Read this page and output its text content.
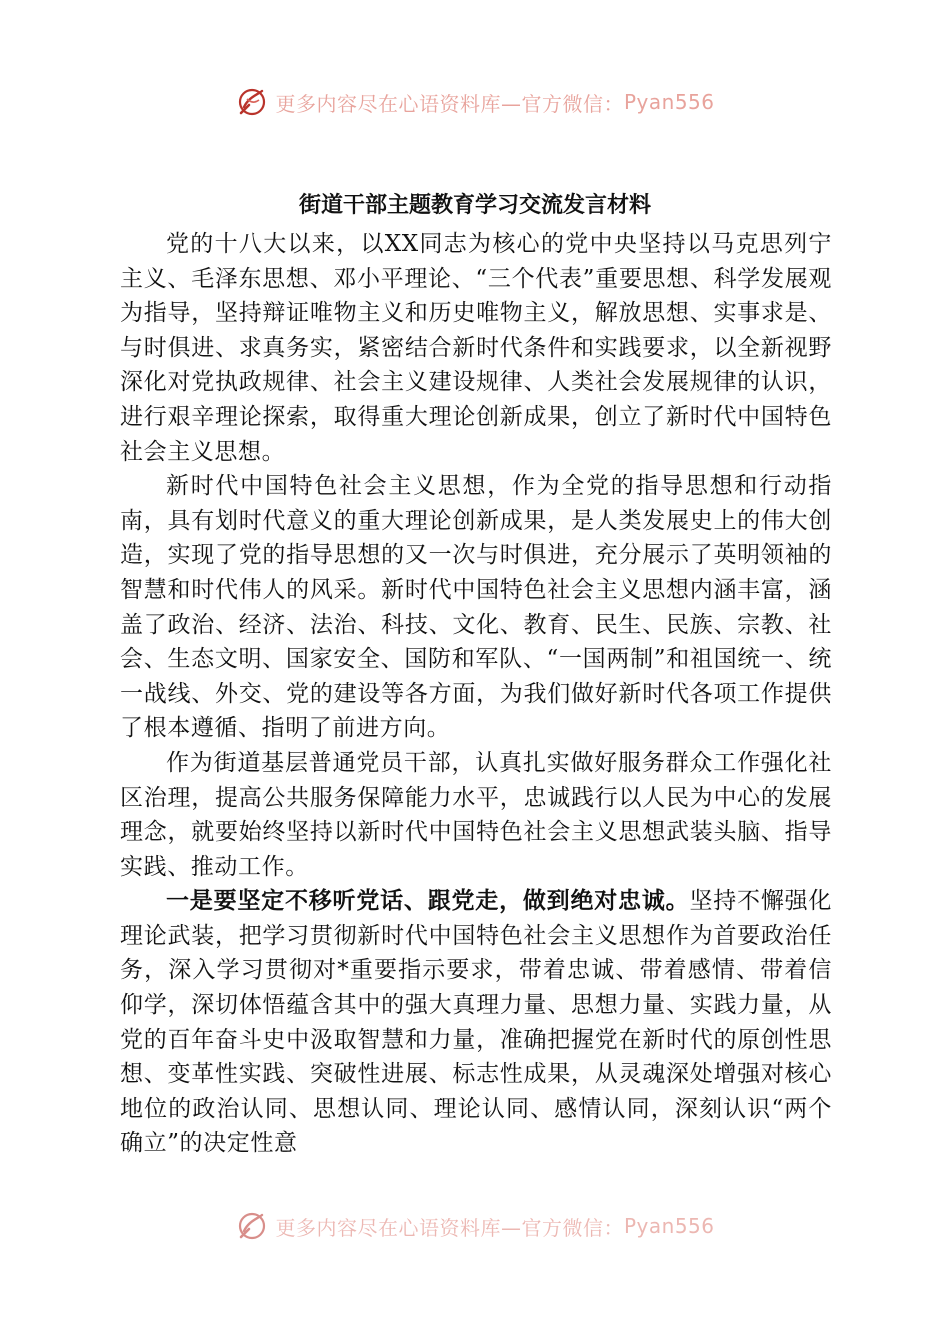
更多内容尽在心语资料库—官方微信： Pyan556
街道干部主题教育学习交流发言材料

党的十八大以来，以XX同志为核心的党中央坚持以马克思列宁主义、毛泽东思想、邓小平理论、“三个代表”重要思想、科学发展观为指导，坚持辩证唯物主义和历史唯物主义，解放思想、实事求是、与时俱进、求真务实，紧密结合新时代条件和实践要求，以全新视野深化对党执政规律、社会主义建设规律、人类社会发展规律的认识，进行艰辛理论探索，取得重大理论创新成果，创立了新时代中国特色社会主义思想。

新时代中国特色社会主义思想，作为全党的指导思想和行动指南，具有划时代意义的重大理论创新成果，是人类发展史上的伟大创造，实现了党的指导思想的又一次与时俱进，充分展示了英明领袖的智慧和时代伟人的风采。新时代中国特色社会主义思想内涵丰富，涵盖了政治、经济、法治、科技、文化、教育、民生、民族、宗教、社会、生态文明、国家安全、国防和军队、“一国两制”和祖国统一、统一战线、外交、党的建设等各方面，为我们做好新时代各项工作提供了根本遵循、指明了前进方向。

作为街道基层普通党员干部，认真扎实做好服务群众工作强化社区治理，提高公共服务保障能力水平，忠诚践行以人民为中心的发展理念，就要始终坚持以新时代中国特色社会主义思想武装头脑、指导实践、推动工作。

一是要坚定不移听党话、跟党走，做到绝对忠诚。坚持不懈强化理论武装，把学习贯彻新时代中国特色社会主义思想作为首要政治任务，深入学习贯彻对*重要指示要求，带着忠诚、带着感情、带着信仰学，深切体悟蕴含其中的强大真理力量、思想力量、实践力量，从党的百年奋斗史中汲取智慧和力量，准确把握党在新时代的原创性思想、变革性实践、突破性进展、标志性成果，从灵魂深处增强对核心地位的政治认同、思想认同、理论认同、感情认同，深刻认识“两个确立”的决定性意

更多内容尽在心语资料库—官方微信： Pyan556
